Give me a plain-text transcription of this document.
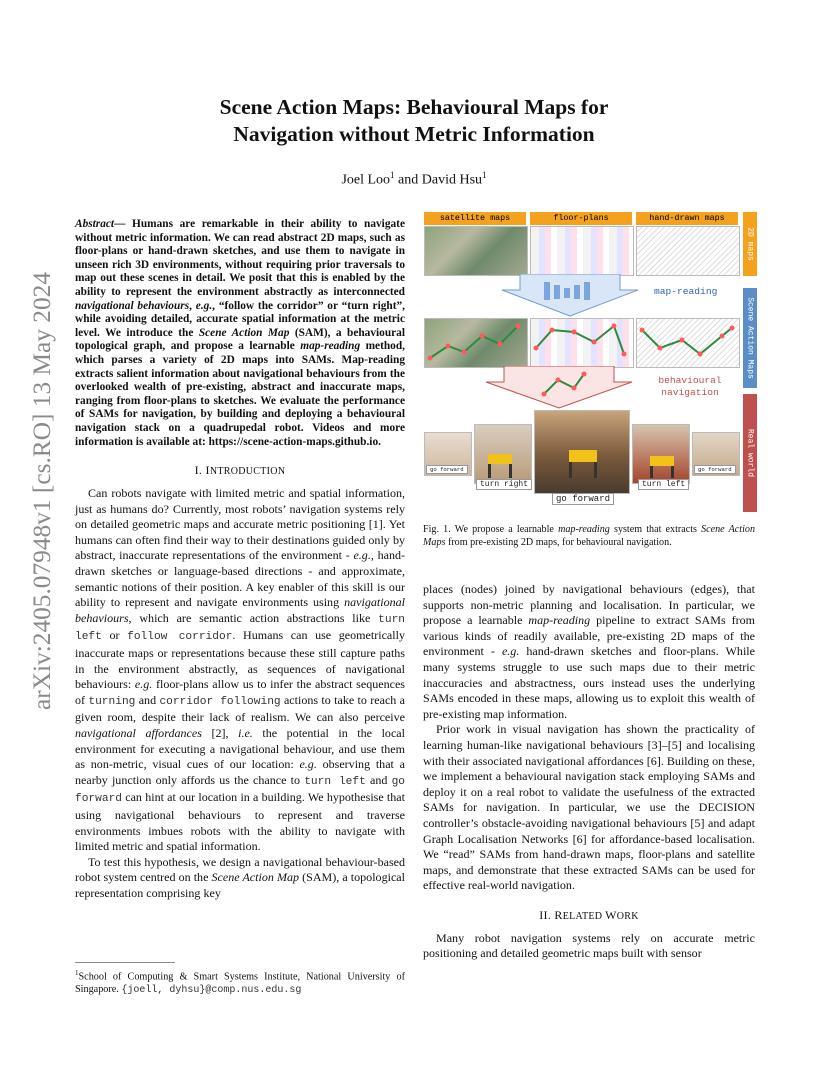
arXiv:2405.07948v1 [cs.RO] 13 May 2024
Scene Action Maps: Behavioural Maps for
Navigation without Metric Information
Joel Loo$^1$ and David Hsu$^1$

Abstract— Humans are remarkable in their ability to navigate without metric information. We can read abstract 2D maps, such as floor-plans or hand-drawn sketches, and use them to navigate in unseen rich 3D environments, without requiring prior traversals to map out these scenes in detail. We posit that this is enabled by the ability to represent the environment abstractly as interconnected navigational behaviours, e.g., “follow the corridor” or “turn right”, while avoiding detailed, accurate spatial information at the metric level. We introduce the Scene Action Map (SAM), a behavioural topological graph, and propose a learnable map-reading method, which parses a variety of 2D maps into SAMs. Map-reading extracts salient information about navigational behaviours from the overlooked wealth of pre-existing, abstract and inaccurate maps, ranging from floor-plans to sketches. We evaluate the performance of SAMs for navigation, by building and deploying a behavioural navigation stack on a quadrupedal robot. Videos and more information is available at: https://scene-action-maps.github.io.

I. INTRODUCTION

Can robots navigate with limited metric and spatial information, just as humans do? Currently, most robots’ navigation systems rely on detailed geometric maps and accurate metric positioning [1]. Yet humans can often find their way to their destinations guided only by abstract, inaccurate representations of the environment - e.g., hand-drawn sketches or language-based directions - and approximate, semantic notions of their position. A key enabler of this skill is our ability to represent and navigate environments using navigational behaviours, which are semantic action abstractions like turn left or follow corridor. Humans can use geometrically inaccurate maps or representations because these still capture paths in the environment abstractly, as sequences of navigational behaviours: e.g. floor-plans allow us to infer the abstract sequences of turning and corridor following actions to take to reach a given room, despite their lack of realism. We can also perceive navigational affordances [2], i.e. the potential in the local environment for executing a navigational behaviour, and use them as non-metric, visual cues of our location: e.g. observing that a nearby junction only affords us the chance to turn left and go forward can hint at our location in a building. We hypothesise that using navigational behaviours to represent and traverse environments imbues robots with the ability to navigate with limited metric and spatial information.

To test this hypothesis, we design a navigational behaviour-based robot system centred on the Scene Action Map (SAM), a topological representation comprising key

$^1$School of Computing & Smart Systems Institute, National University of Singapore. {joell, dyhsu}@comp.nus.edu.sg
satellite maps	floor-plans	hand-drawn maps
map-reading
behavioural
navigation
go forward
turn right
go forward
turn left
go forward
2D maps
Scene Action Maps
Real world
Fig. 1. We propose a learnable map-reading system that extracts Scene Action Maps from pre-existing 2D maps, for behavioural navigation.

places (nodes) joined by navigational behaviours (edges), that supports non-metric planning and localisation. In particular, we propose a learnable map-reading pipeline to extract SAMs from various kinds of readily available, pre-existing 2D maps of the environment - e.g. hand-drawn sketches and floor-plans. While many systems struggle to use such maps due to their metric inaccuracies and abstractness, ours instead uses the underlying SAMs encoded in these maps, allowing us to exploit this wealth of pre-existing map information.

Prior work in visual navigation has shown the practicality of learning human-like navigational behaviours [3]–[5] and localising with their associated navigational affordances [6]. Building on these, we implement a behavioural navigation stack employing SAMs and deploy it on a real robot to validate the usefulness of the extracted SAMs for navigation. In particular, we use the DECISION controller’s obstacle-avoiding navigational behaviours [5] and adapt Graph Localisation Networks [6] for affordance-based localisation. We “read” SAMs from hand-drawn maps, floor-plans and satellite maps, and demonstrate that these extracted SAMs can be used for effective real-world navigation.

II. RELATED WORK

Many robot navigation systems rely on accurate metric positioning and detailed geometric maps built with sensor
